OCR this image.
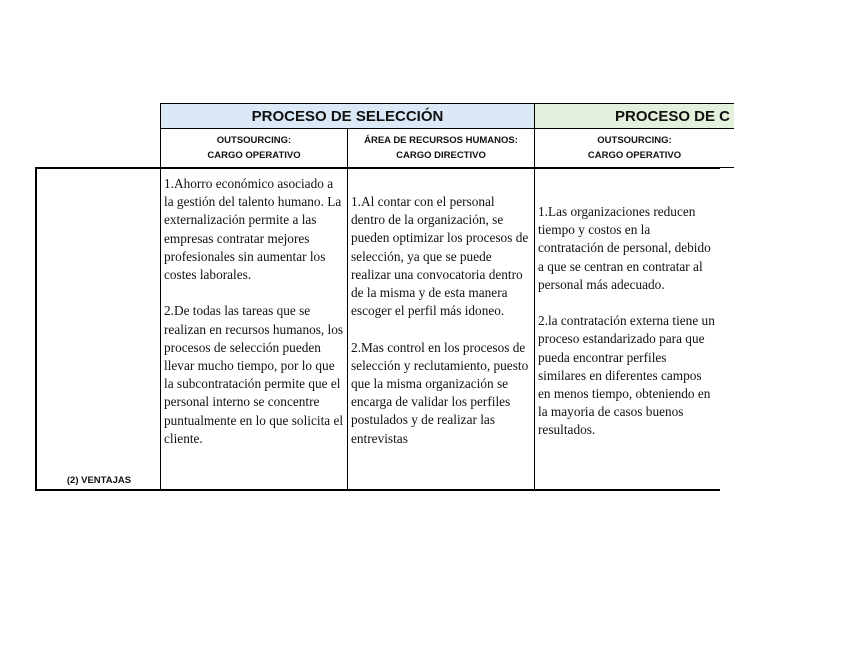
PROCESO DE SELECCIÓN	PROCESO DE C
OUTSOURCING:
CARGO OPERATIVO
ÁREA DE RECURSOS HUMANOS:
CARGO DIRECTIVO
OUTSOURCING:
CARGO OPERATIVO
(2) VENTAJAS
1.Ahorro económico asociado a la gestión del talento humano. La externalización permite a las empresas contratar mejores profesionales sin aumentar los costes laborales.

2.De todas las tareas que se realizan en recursos humanos, los procesos de selección pueden llevar mucho tiempo, por lo que la subcontratación permite que el personal interno se concentre puntualmente en lo que solicita el cliente.
1.Al contar con el personal dentro de la organización, se pueden optimizar los procesos de selección, ya que se puede realizar una convocatoria dentro de la misma y de esta manera escoger el perfil más idoneo.

2.Mas control en los procesos de selección y reclutamiento, puesto que la misma organización se encarga de validar los perfiles postulados y de realizar las entrevistas
1.Las organizaciones reducen tiempo y costos en la contratación de personal, debido a que se centran en contratar al personal más adecuado.

2.la contratación externa tiene un proceso estandarizado para que pueda encontrar perfiles similares en diferentes campos en menos tiempo, obteniendo en la mayoria de casos buenos resultados.
